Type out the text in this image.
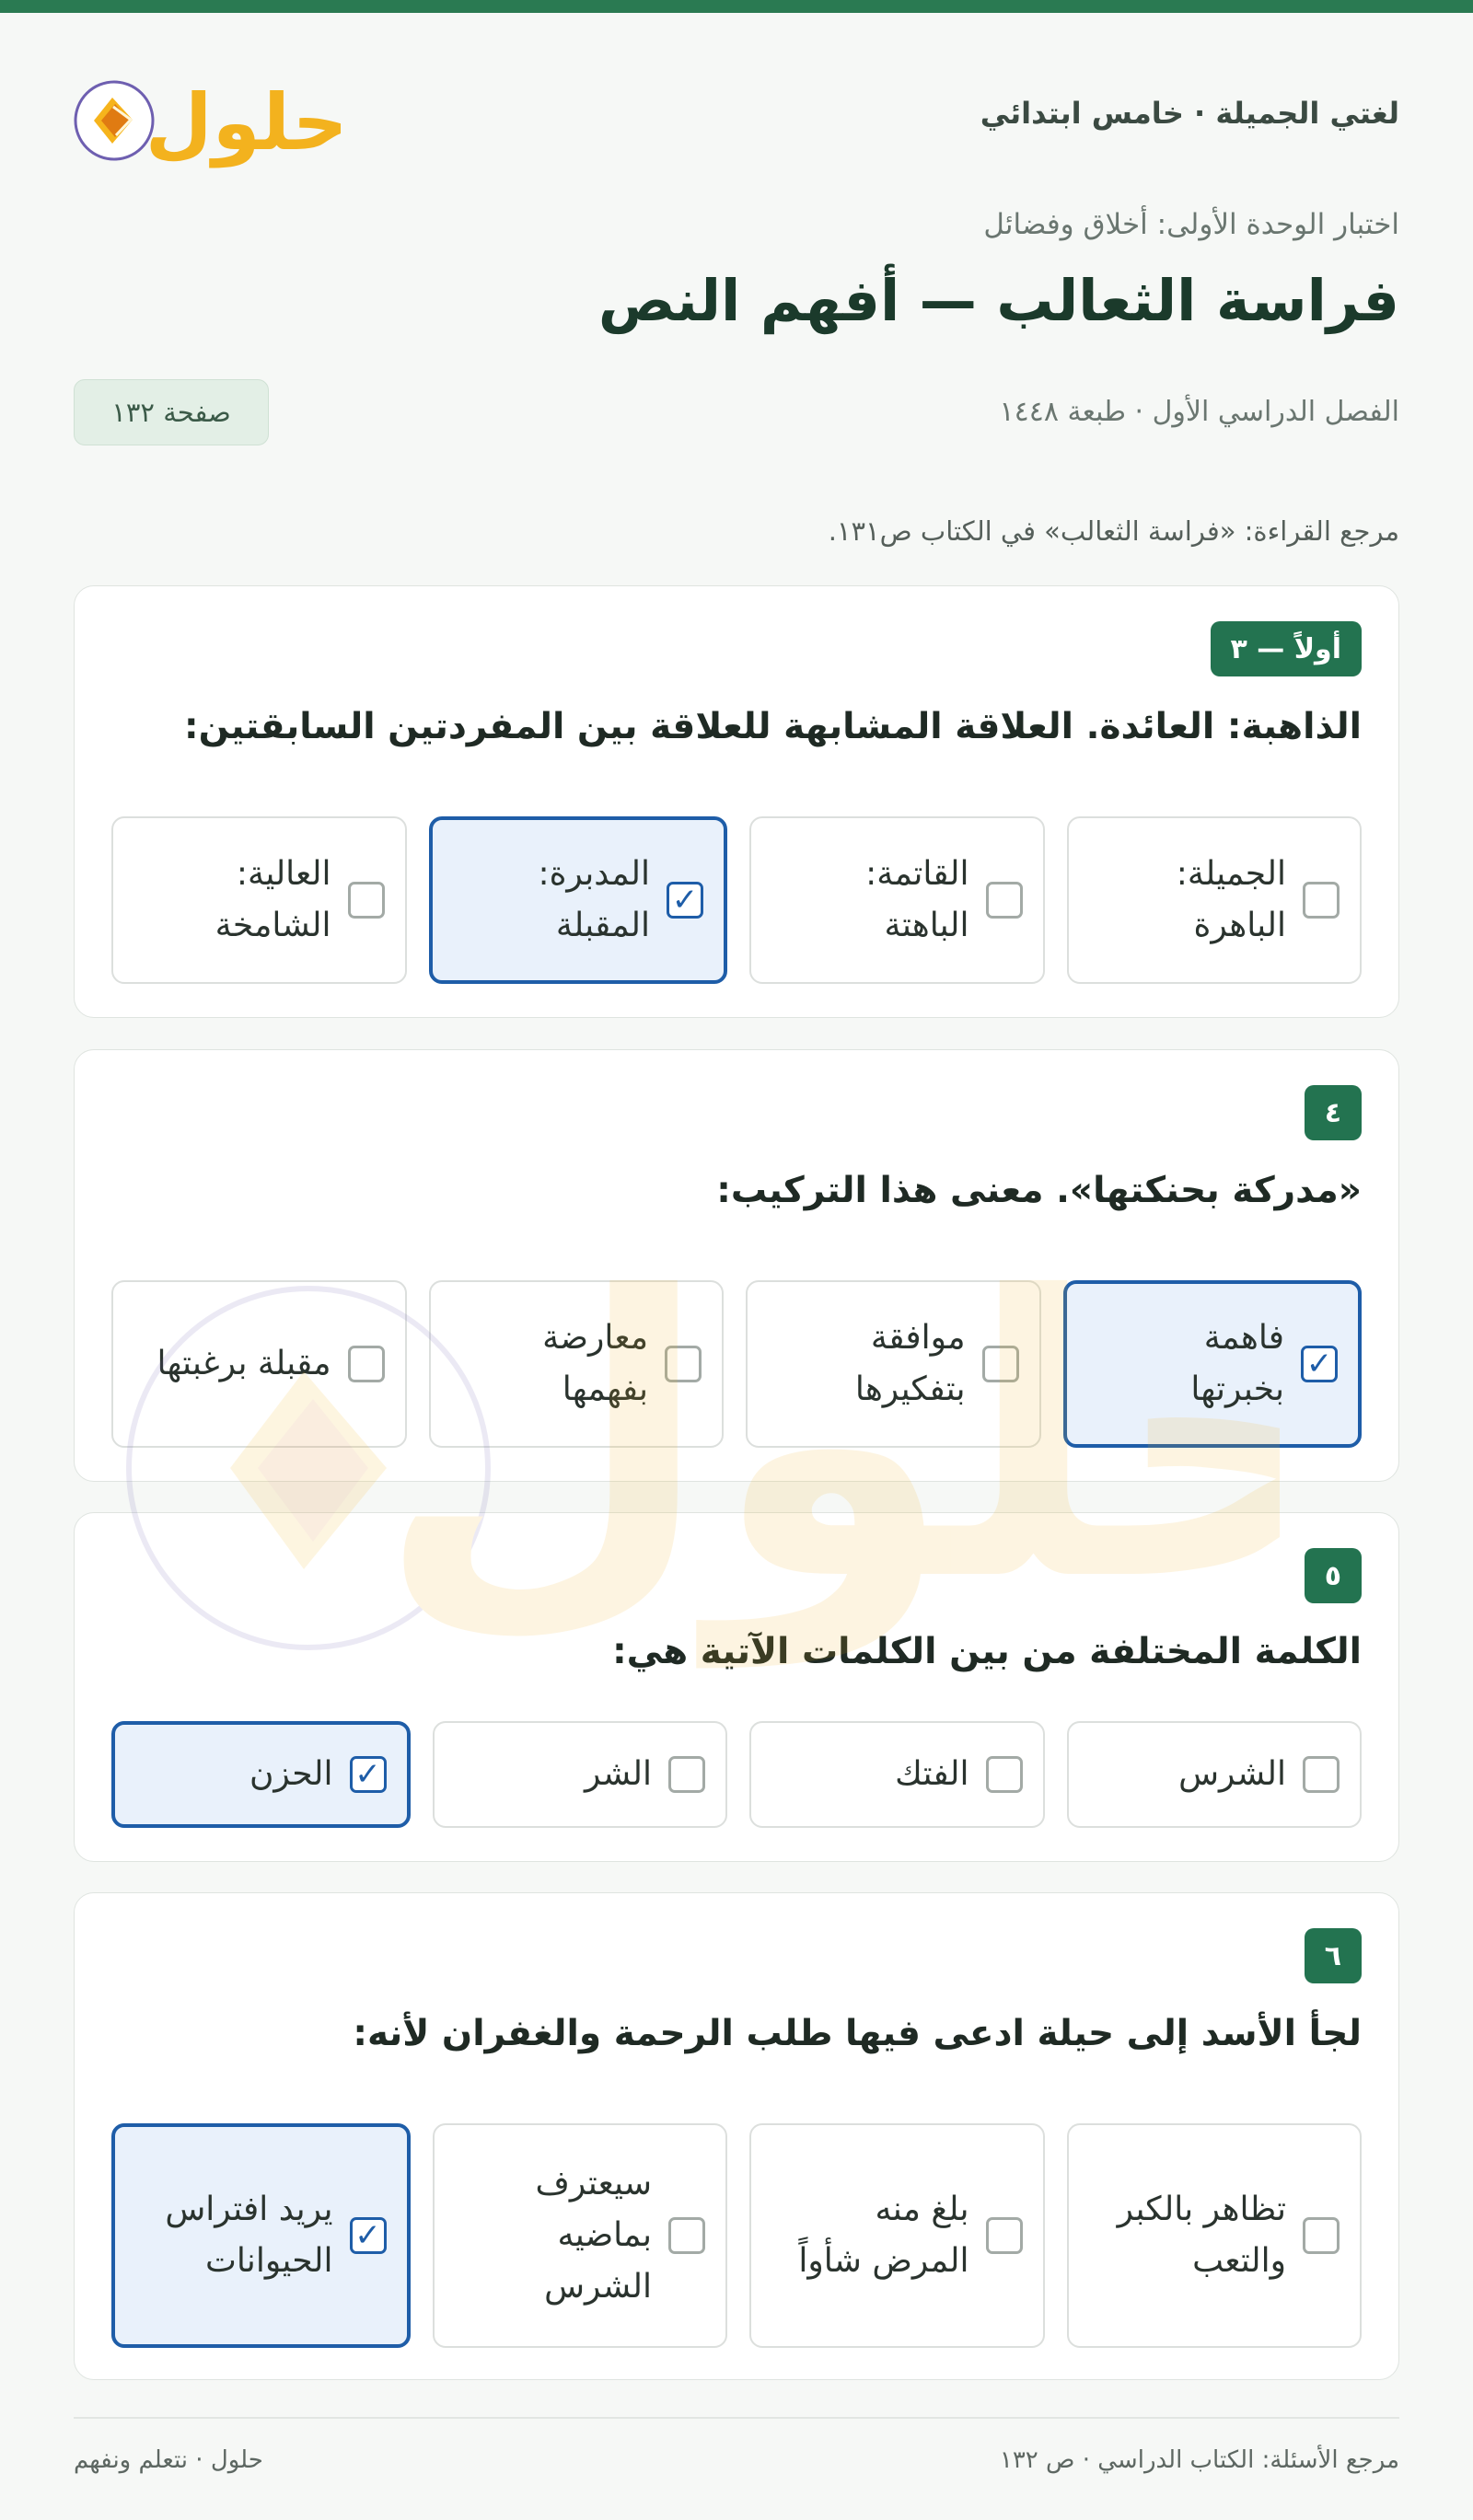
لغتي الجميلة · خامس ابتدائي
حلول
اختبار الوحدة الأولى: أخلاق وفضائل
فراسة الثعالب — أفهم النص
الفصل الدراسي الأول · طبعة ١٤٤٨
صفحة ١٣٢
مرجع القراءة: «فراسة الثعالب» في الكتاب ص١٣١.
أولاً — ٣
الذاهبة: العائدة. العلاقة المشابهة للعلاقة بين المفردتين السابقتين:
الجميلة: الباهرة
القاتمة: الباهتة
✓
المدبرة: المقبلة
العالية: الشامخة
٤
«مدركة بحنكتها». معنى هذا التركيب:
✓
فاهمة بخبرتها
موافقة بتفكيرها
معارضة بفهمها
مقبلة برغبتها
٥
الكلمة المختلفة من بين الكلمات الآتية هي:
الشرس
الفتك
الشر
✓
الحزن
٦
لجأ الأسد إلى حيلة ادعى فيها طلب الرحمة والغفران لأنه:
تظاهر بالكبر والتعب
بلغ منه المرض شأواً
سيعترف بماضيه الشرس
✓
يريد افتراس الحيوانات
مرجع الأسئلة: الكتاب الدراسي · ص ١٣٢
حلول · نتعلم ونفهم
